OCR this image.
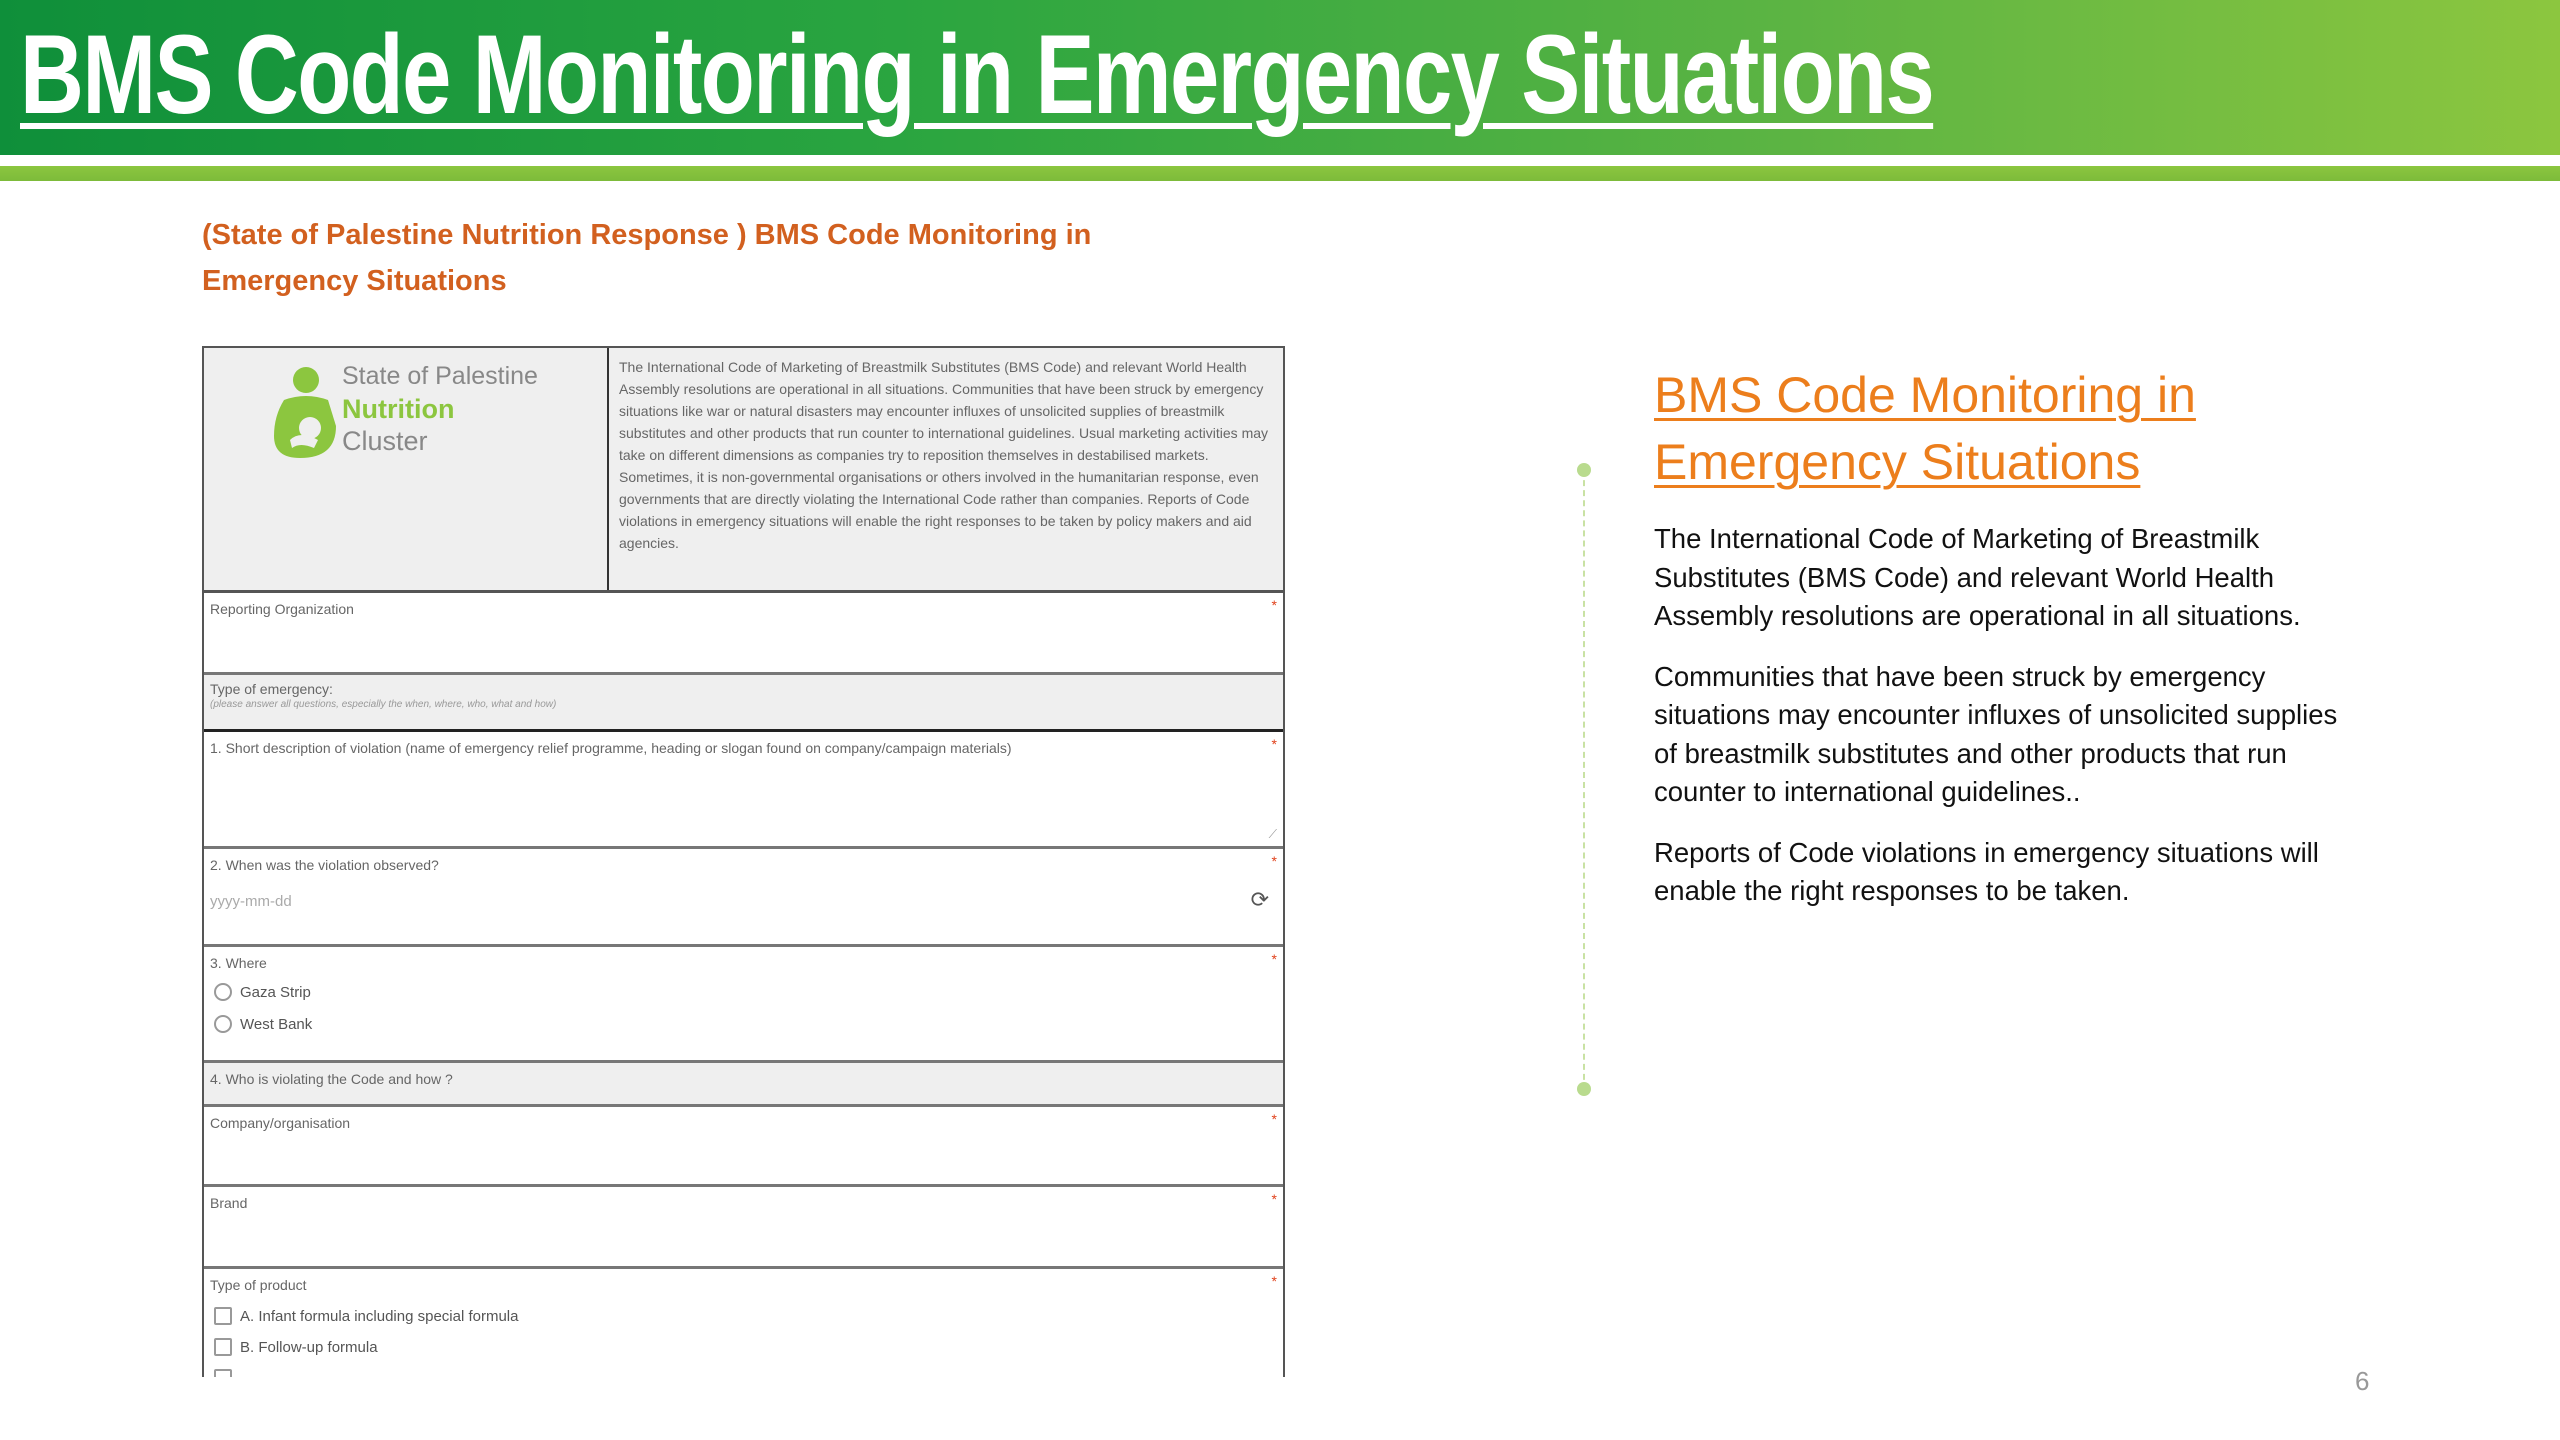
BMS Code Monitoring in Emergency Situations
(State of Palestine Nutrition Response ) BMS Code Monitoring in Emergency Situations
State of Palestine
Nutrition
Cluster
The International Code of Marketing of Breastmilk Substitutes (BMS Code) and relevant World Health Assembly resolutions are operational in all situations. Communities that have been struck by emergency situations like war or natural disasters may encounter influxes of unsolicited supplies of breastmilk substitutes and other products that run counter to international guidelines. Usual marketing activities may take on different dimensions as companies try to reposition themselves in destabilised markets. Sometimes, it is non-governmental organisations or others involved in the humanitarian response, even governments that are directly violating the International Code rather than companies. Reports of Code violations in emergency situations will enable the right responses to be taken by policy makers and aid agencies.
Reporting Organization	*
Type of emergency:
(please answer all questions, especially the when, where, who, what and how)
1. Short description of violation (name of emergency relief programme, heading or slogan found on company/campaign materials)	*
⟋
2. When was the violation observed?	*
yyyy-mm-dd	⟳
3. Where	*
Gaza Strip
West Bank
4. Who is violating the Code and how ?
Company/organisation	*
Brand	*
Type of product	*
A. Infant formula including special formula
B. Follow-up formula
BMS Code Monitoring in Emergency Situations

The International Code of Marketing of Breastmilk Substitutes (BMS Code) and relevant World Health Assembly resolutions are operational in all situations.

Communities that have been struck by emergency situations may encounter influxes of unsolicited supplies of breastmilk substitutes and other products that run counter to international guidelines..

Reports of Code violations in emergency situations will enable the right responses to be taken.

6
